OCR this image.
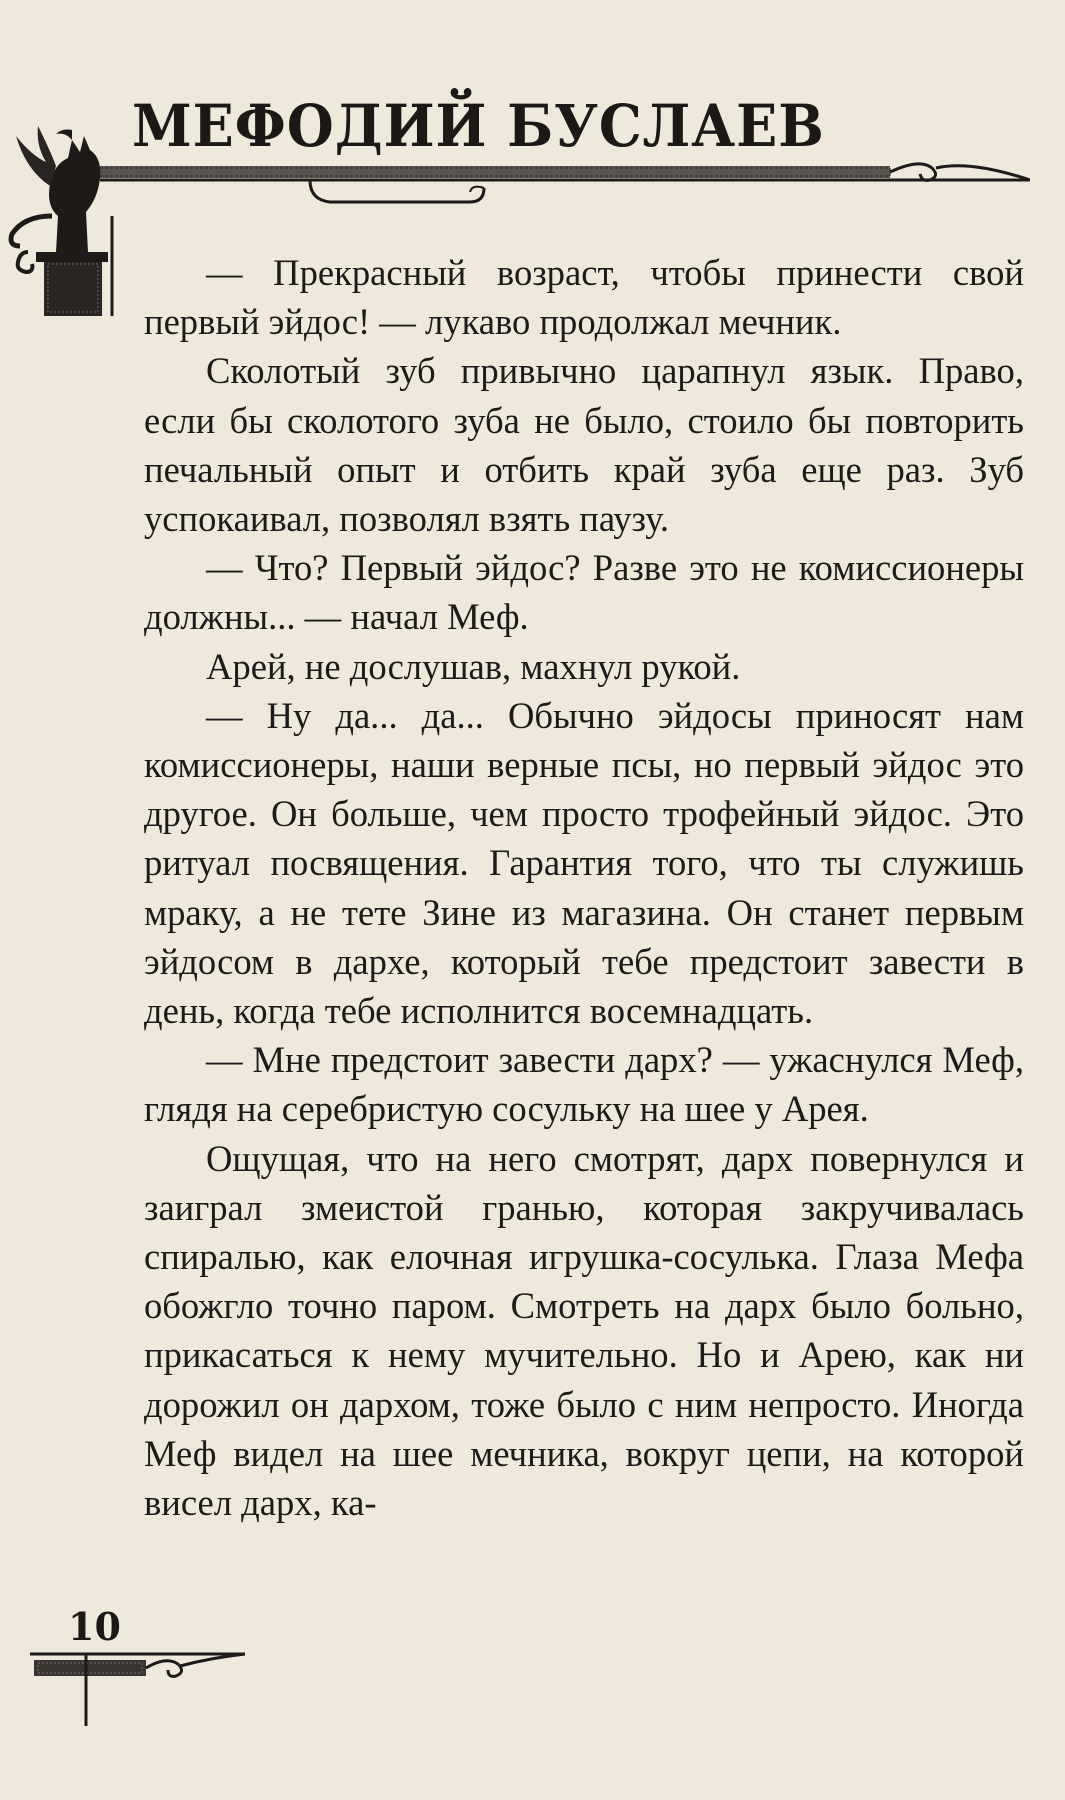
МЕФОДИЙ БУСЛАЕВ

— Прекрасный возраст, чтобы принести свой первый эйдос! — лукаво продолжал мечник.

Сколотый зуб привычно царапнул язык. Право, если бы сколотого зуба не было, стоило бы повторить печальный опыт и отбить край зуба еще раз. Зуб успокаивал, позволял взять паузу.

— Что? Первый эйдос? Разве это не комиссионеры должны... — начал Меф.

Арей, не дослушав, махнул рукой.

— Ну да... да... Обычно эйдосы приносят нам комиссионеры, наши верные псы, но первый эйдос это другое. Он больше, чем просто трофейный эйдос. Это ритуал посвящения. Гарантия того, что ты служишь мраку, а не тете Зине из магазина. Он станет первым эйдосом в дархе, который тебе предстоит завести в день, когда тебе исполнится восемнадцать.

— Мне предстоит завести дарх? — ужаснулся Меф, глядя на серебристую сосульку на шее у Арея.

Ощущая, что на него смотрят, дарх повернулся и заиграл змеистой гранью, которая закручивалась спиралью, как елочная игрушка-сосулька. Глаза Мефа обожгло точно паром. Смотреть на дарх было больно, прикасаться к нему мучительно. Но и Арею, как ни дорожил он дархом, тоже было с ним непросто. Иногда Меф видел на шее мечника, вокруг цепи, на которой висел дарх, ка-

10
